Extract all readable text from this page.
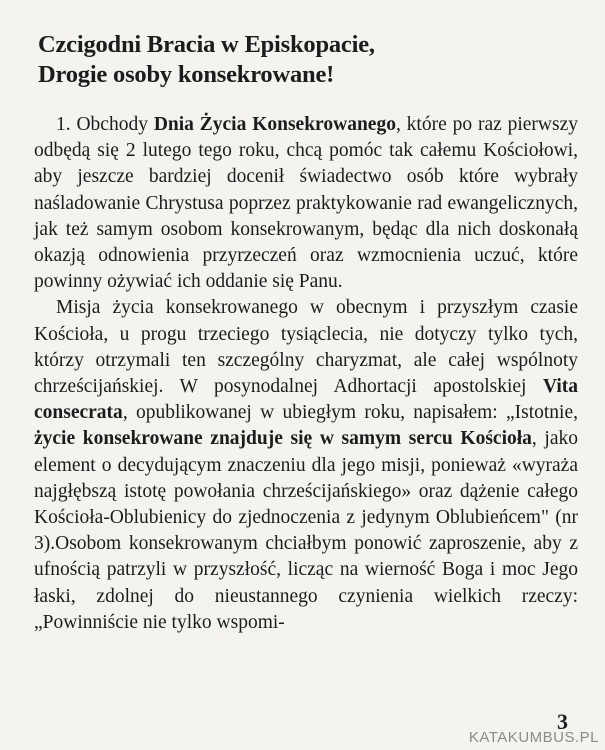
Czcigodni Bracia w Episkopacie,
Drogie osoby konsekrowane!

1. Obchody Dnia Życia Konsekrowanego, które po raz pierwszy odbędą się 2 lutego tego roku, chcą pomóc tak całemu Kościołowi, aby jeszcze bardziej docenił świadectwo osób które wybrały naśladowanie Chrystusa poprzez praktykowanie rad ewangelicznych, jak też samym osobom konsekrowanym, będąc dla nich doskonałą okazją odnowienia przyrzeczeń oraz wzmocnienia uczuć, które powinny ożywiać ich oddanie się Panu.

Misja życia konsekrowanego w obecnym i przyszłym czasie Kościoła, u progu trzeciego tysiąclecia, nie dotyczy tylko tych, którzy otrzymali ten szczególny charyzmat, ale całej wspólnoty chrześcijańskiej. W posynodalnej Adhortacji apostolskiej Vita consecrata, opublikowanej w ubiegłym roku, napisałem: „Istotnie, życie konsekrowane znajduje się w samym sercu Kościoła, jako element o decydującym znaczeniu dla jego misji, ponieważ «wyraża najgłębszą istotę powołania chrześcijańskiego» oraz dążenie całego Kościoła-Oblubienicy do zjednoczenia z jedynym Oblubieńcem" (nr 3).Osobom konsekrowanym chciałbym ponowić zaproszenie, aby z ufnością patrzyli w przyszłość, licząc na wierność Boga i moc Jego łaski, zdolnej do nieustannego czynienia wielkich rzeczy: „Powinniście nie tylko wspomi-

3
KATAKUMBUS.PL
